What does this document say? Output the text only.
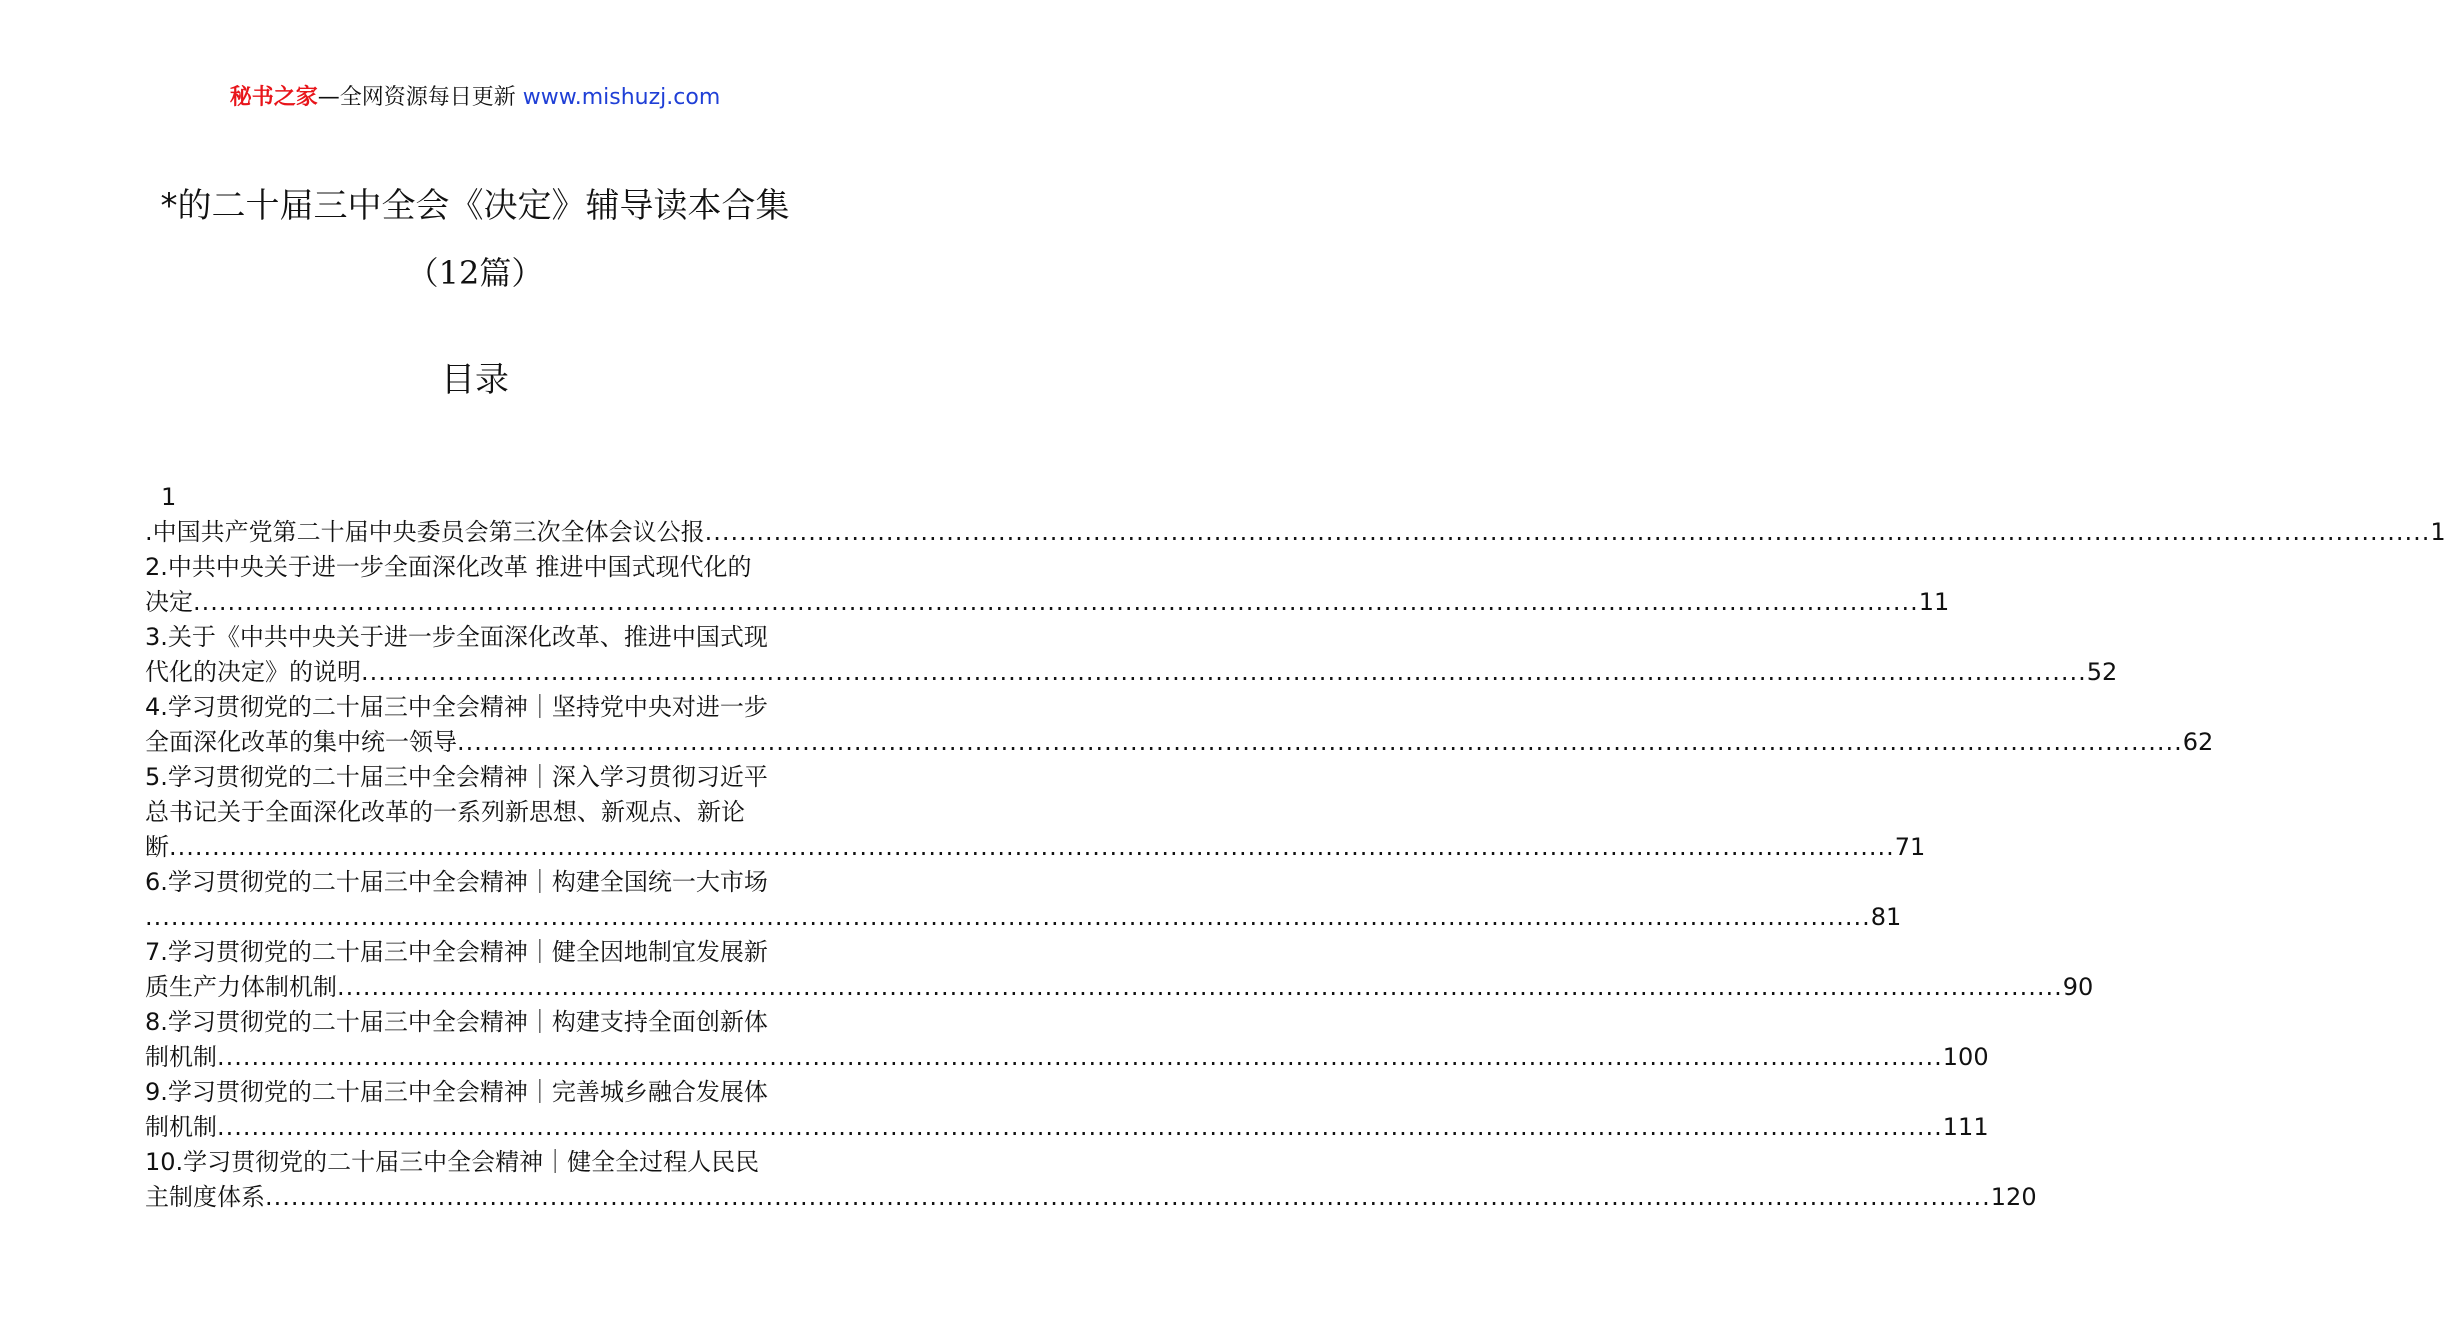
秘书之家—全网资源每日更新 www.mishuzj.com
*的二十届三中全会《决定》辅导读本合集
（12篇）
目录
1
.中国共产党第二十届中央委员会第三次全体会议公报 ........................................................................................................................................................................................................ 1
2.中共中央关于进一步全面深化改革 推进中国式现代化的
决定 ........................................................................................................................................................................................................ 11
3.关于《中共中央关于进一步全面深化改革、推进中国式现
代化的决定》的说明 ........................................................................................................................................................................................................ 52
4.学习贯彻党的二十届三中全会精神｜坚持党中央对进一步
全面深化改革的集中统一领导 ........................................................................................................................................................................................................ 62
5.学习贯彻党的二十届三中全会精神｜深入学习贯彻习近平
总书记关于全面深化改革的一系列新思想、新观点、新论
断 ........................................................................................................................................................................................................ 71
6.学习贯彻党的二十届三中全会精神｜构建全国统一大市场
........................................................................................................................................................................................................ 81
7.学习贯彻党的二十届三中全会精神｜健全因地制宜发展新
质生产力体制机制 ........................................................................................................................................................................................................ 90
8.学习贯彻党的二十届三中全会精神｜构建支持全面创新体
制机制 ........................................................................................................................................................................................................ 100
9.学习贯彻党的二十届三中全会精神｜完善城乡融合发展体
制机制 ........................................................................................................................................................................................................ 111
10.学习贯彻党的二十届三中全会精神｜健全全过程人民民
主制度体系 ........................................................................................................................................................................................................ 120
